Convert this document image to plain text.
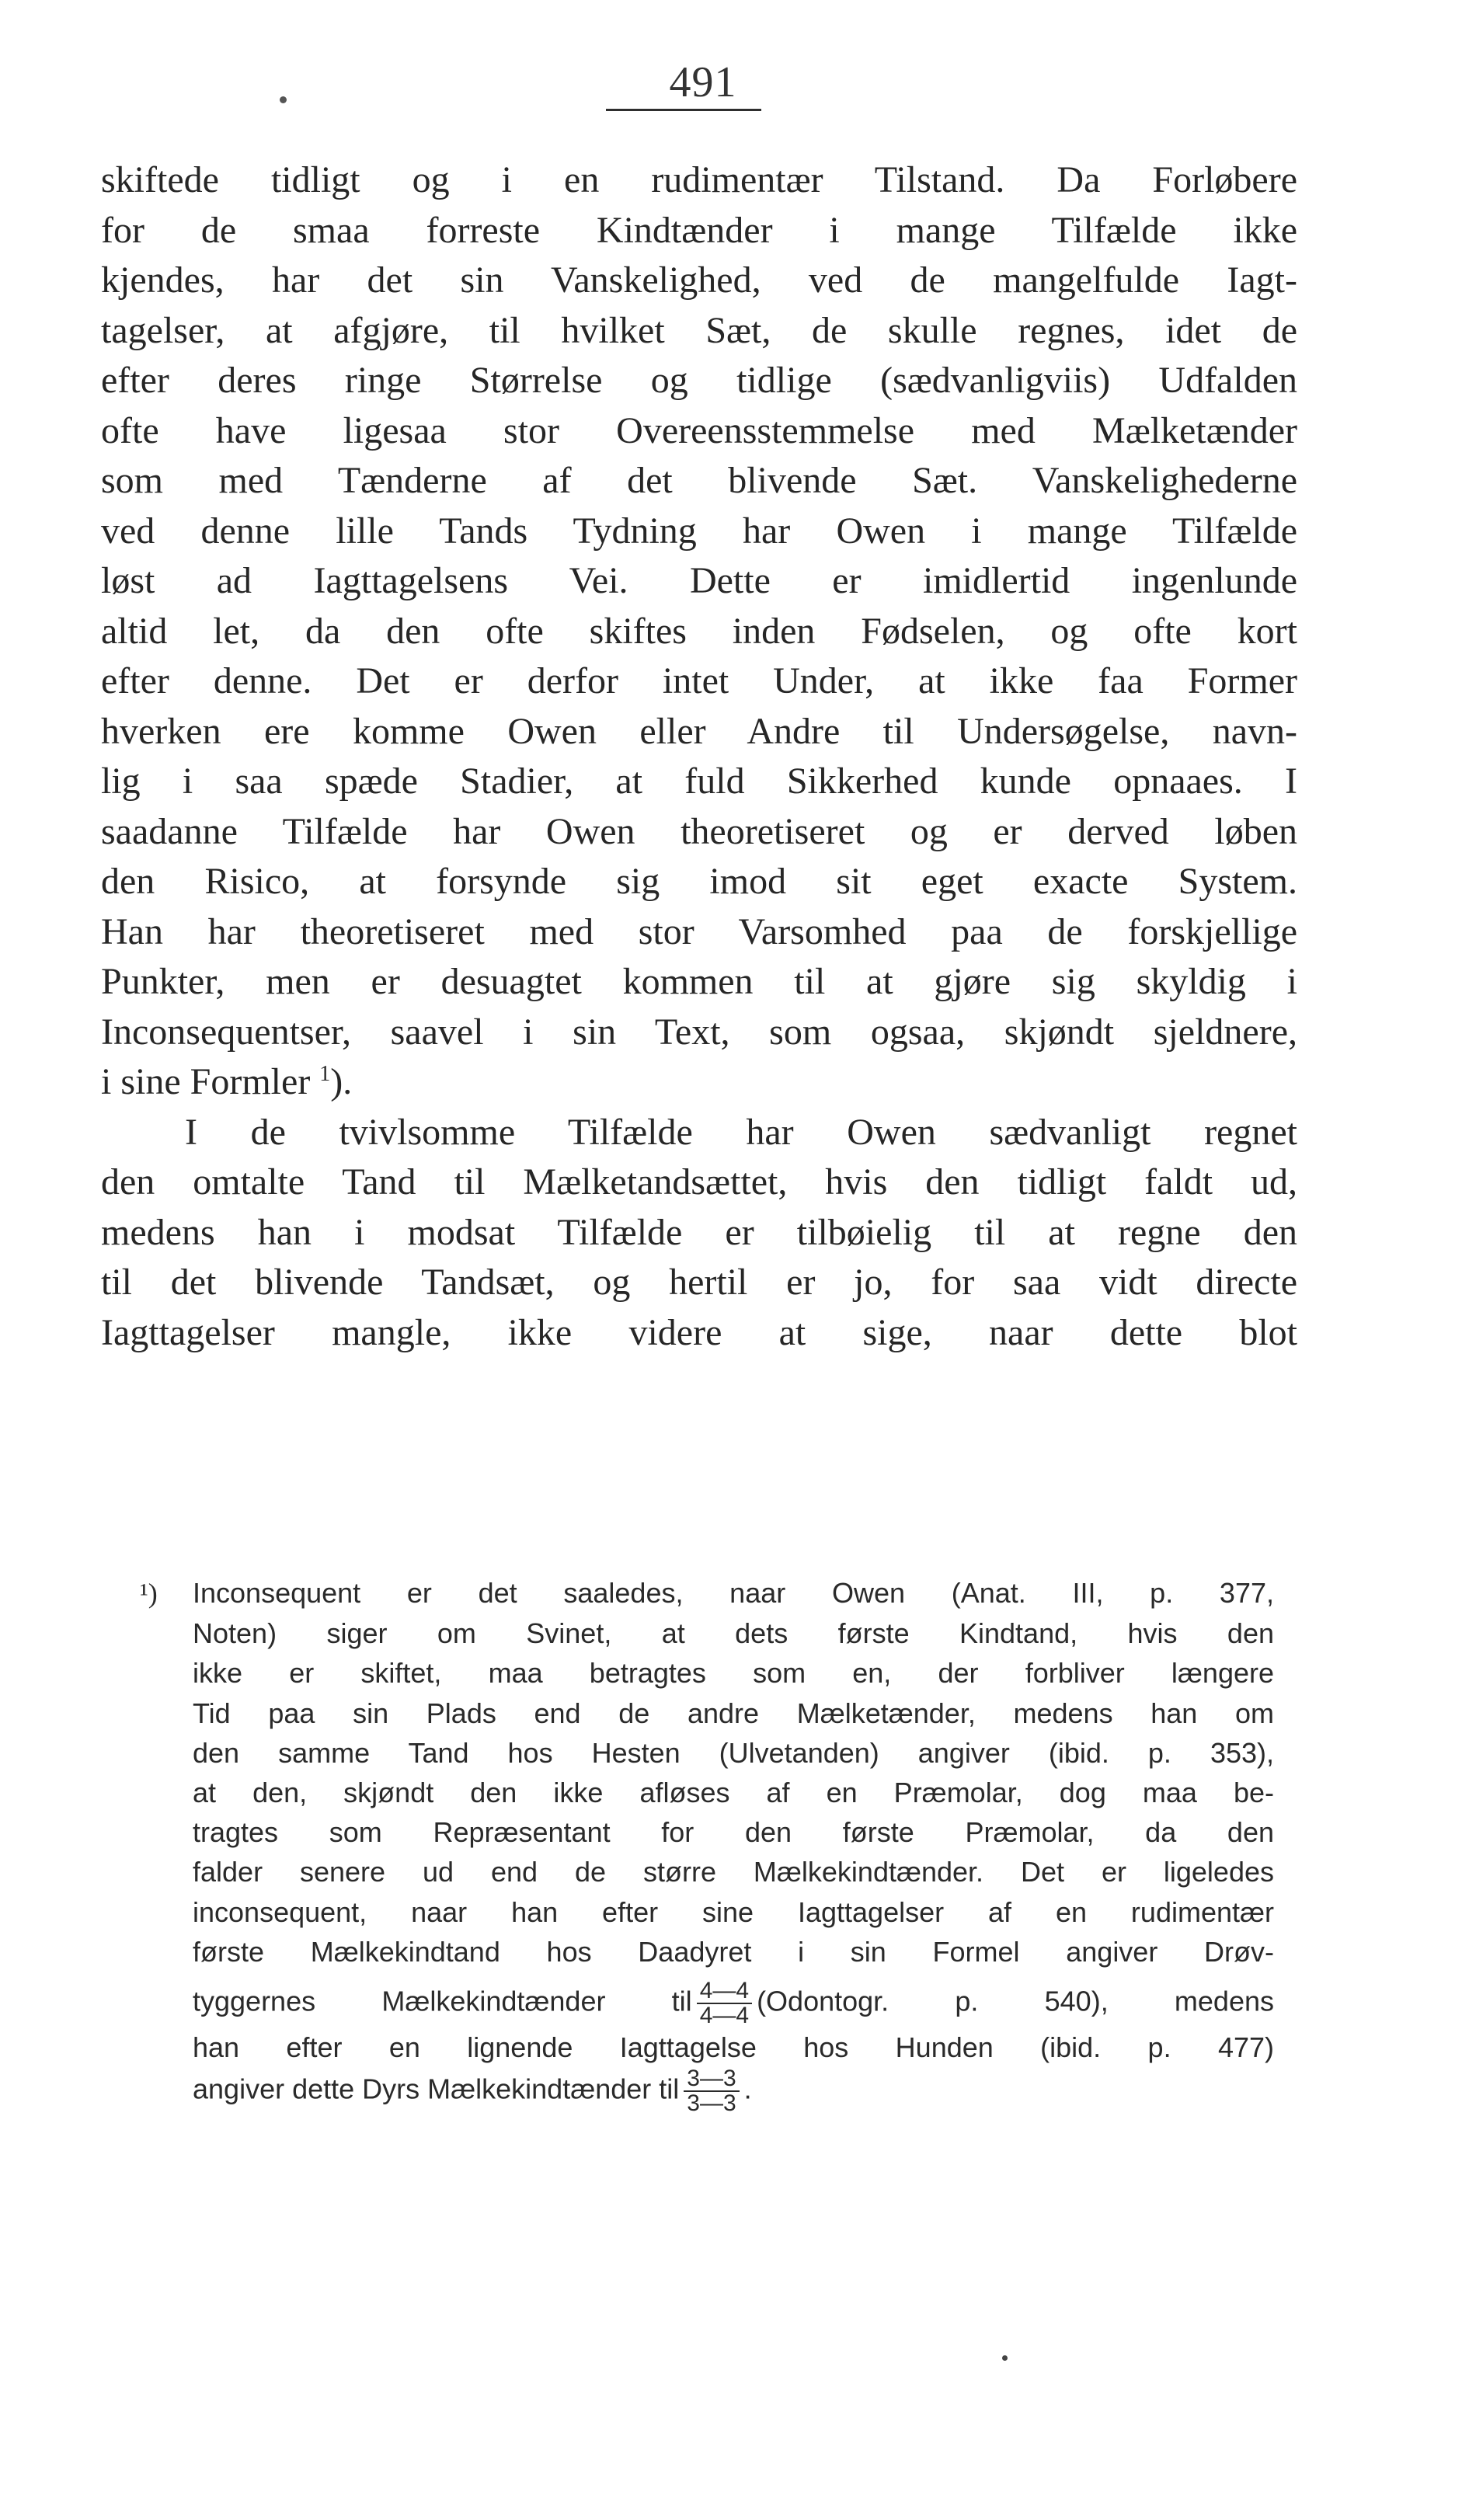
491
skiftede tidligt og i en rudimentær Tilstand. Da Forløbere
for de smaa forreste Kindtænder i mange Tilfælde ikke
kjendes, har det sin Vanskelighed, ved de mangelfulde Iagt-
tagelser, at afgjøre, til hvilket Sæt, de skulle regnes, idet de
efter deres ringe Størrelse og tidlige (sædvanligviis) Udfalden
ofte have ligesaa stor Overeensstemmelse med Mælketænder
som med Tænderne af det blivende Sæt. Vanskelighederne
ved denne lille Tands Tydning har Owen i mange Tilfælde
løst ad Iagttagelsens Vei. Dette er imidlertid ingenlunde
altid let, da den ofte skiftes inden Fødselen, og ofte kort
efter denne. Det er derfor intet Under, at ikke faa Former
hverken ere komme Owen eller Andre til Undersøgelse, navn-
lig i saa spæde Stadier, at fuld Sikkerhed kunde opnaaes. I
saadanne Tilfælde har Owen theoretiseret og er derved løben
den Risico, at forsynde sig imod sit eget exacte System.
Han har theoretiseret med stor Varsomhed paa de forskjellige
Punkter, men er desuagtet kommen til at gjøre sig skyldig i
Inconsequentser, saavel i sin Text, som ogsaa, skjøndt sjeldnere,
i sine Formler $^1$).
I de tvivlsomme Tilfælde har Owen sædvanligt regnet
den omtalte Tand til Mælketandsættet, hvis den tidligt faldt ud,
medens han i modsat Tilfælde er tilbøielig til at regne den
til det blivende Tandsæt, og hertil er jo, for saa vidt directe
Iagttagelser mangle, ikke videre at sige, naar dette blot
¹) Inconsequent er det saaledes, naar Owen (Anat. III, p. 377,
Noten) siger om Svinet, at dets første Kindtand, hvis den
ikke er skiftet, maa betragtes som en, der forbliver længere
Tid paa sin Plads end de andre Mælketænder, medens han om
den samme Tand hos Hesten (Ulvetanden) angiver (ibid. p. 353),
at den, skjøndt den ikke afløses af en Præmolar, dog maa be-
tragtes som Repræsentant for den første Præmolar, da den
falder senere ud end de større Mælkekindtænder. Det er ligeledes
inconsequent, naar han efter sine Iagttagelser af en rudimentær
første Mælkekindtand hos Daadyret i sin Formel angiver Drøv-
tyggernes Mælkekindtænder til $\frac{4—4}{4—4}$ (Odontogr. p. 540), medens
han efter en lignende Iagttagelse hos Hunden (ibid. p. 477)
angiver dette Dyrs Mælkekindtænder til $\frac{3—3}{3—3}$ .
